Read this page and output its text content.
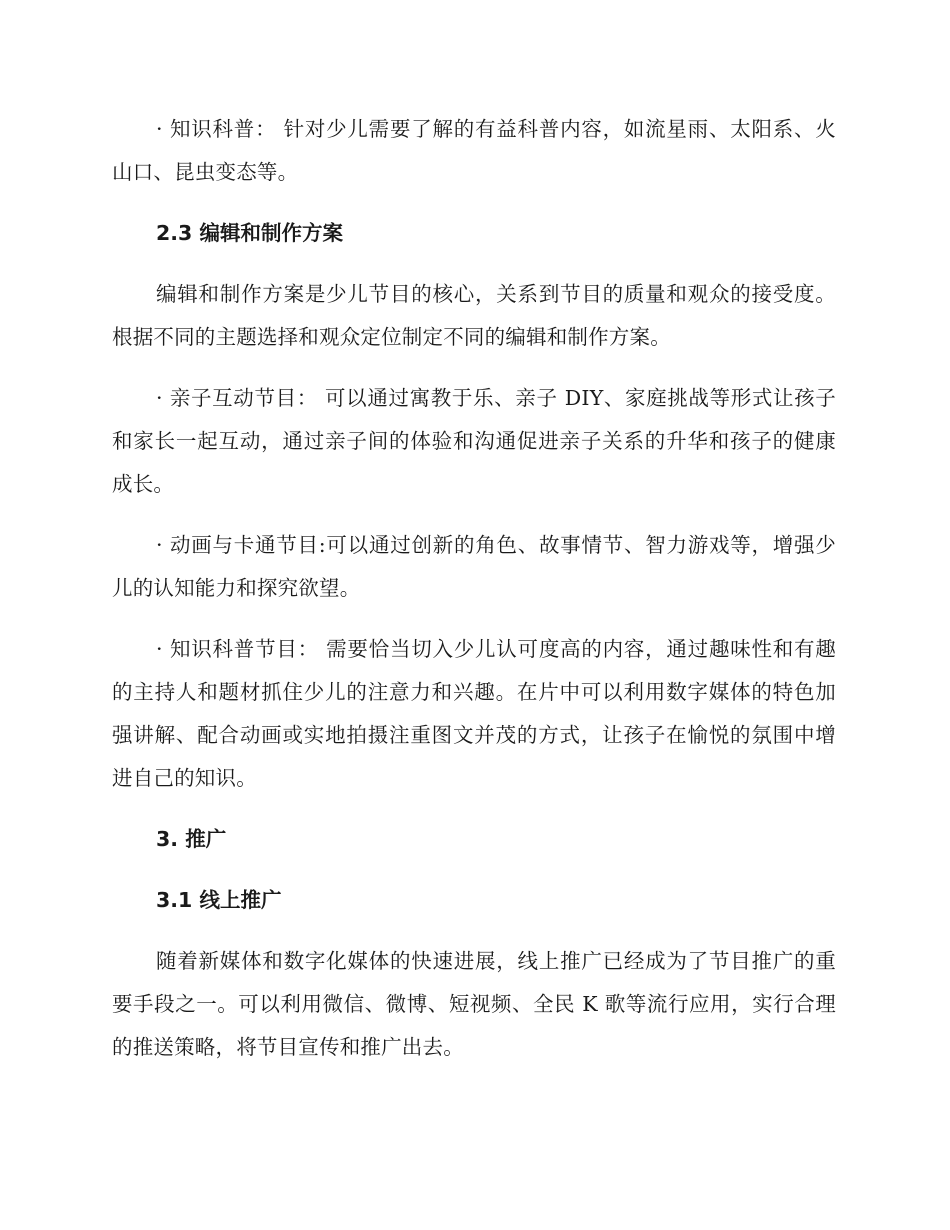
· 知识科普： 针对少儿需要了解的有益科普内容，如流星雨、太阳系、火山口、昆虫变态等。

2.3 编辑和制作方案

编辑和制作方案是少儿节目的核心，关系到节目的质量和观众的接受度。根据不同的主题选择和观众定位制定不同的编辑和制作方案。

· 亲子互动节目： 可以通过寓教于乐、亲子 DIY、家庭挑战等形式让孩子和家长一起互动，通过亲子间的体验和沟通促进亲子关系的升华和孩子的健康成长。

· 动画与卡通节目:可以通过创新的角色、故事情节、智力游戏等，增强少儿的认知能力和探究欲望。

· 知识科普节目： 需要恰当切入少儿认可度高的内容，通过趣味性和有趣的主持人和题材抓住少儿的注意力和兴趣。在片中可以利用数字媒体的特色加强讲解、配合动画或实地拍摄注重图文并茂的方式，让孩子在愉悦的氛围中增进自己的知识。

3. 推广

3.1 线上推广

随着新媒体和数字化媒体的快速进展，线上推广已经成为了节目推广的重要手段之一。可以利用微信、微博、短视频、全民 K 歌等流行应用，实行合理的推送策略，将节目宣传和推广出去。
